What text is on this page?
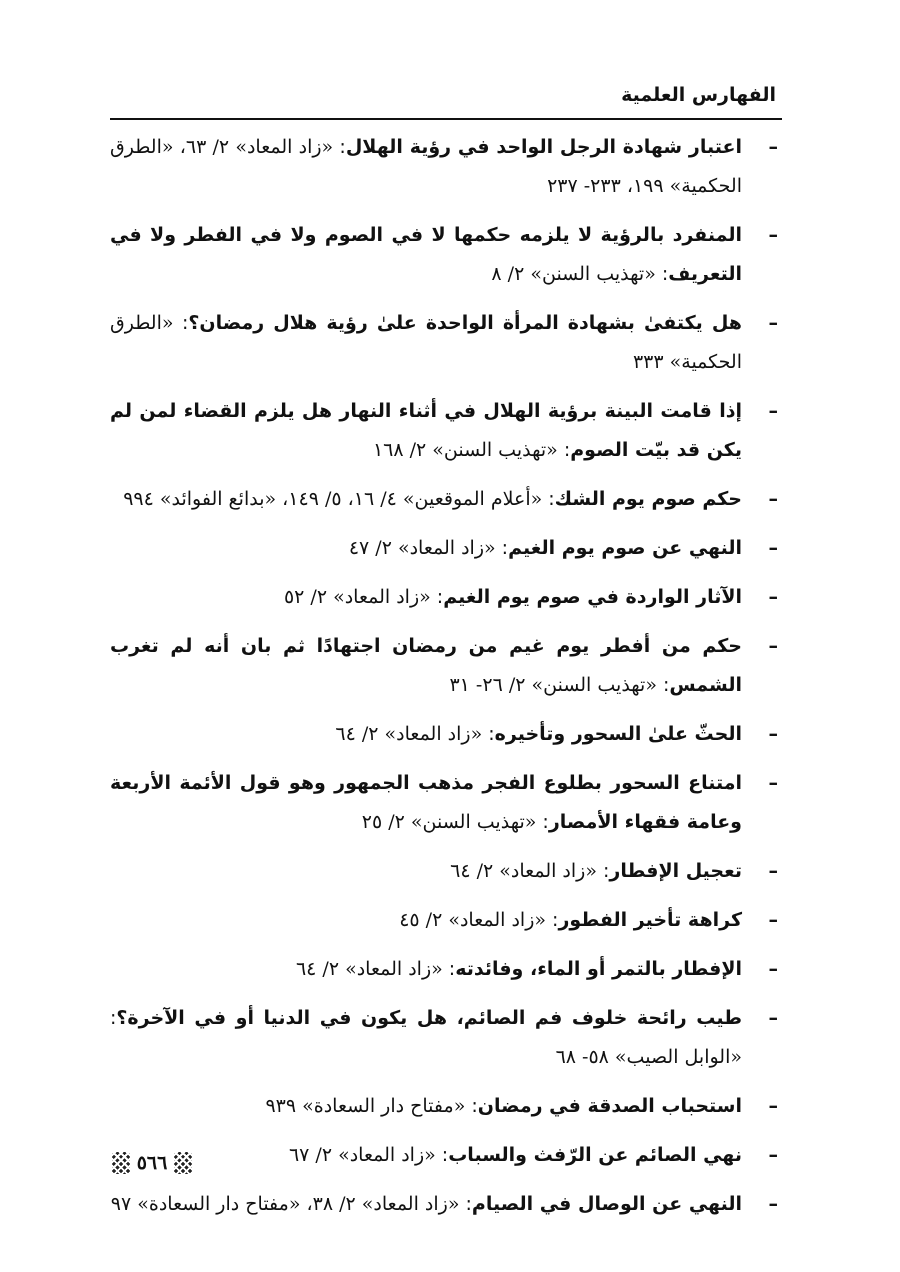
الفهارس العلمية
–
اعتبار شهادة الرجل الواحد في رؤية الهلال: «زاد المعاد» ٢/ ٦٣، «الطرق الحكمية» ١٩٩، ٢٣٣- ٢٣٧
–
المنفرد بالرؤية لا يلزمه حكمها لا في الصوم ولا في الفطر ولا في التعريف: «تهذيب السنن» ٢/ ٨
–
هل يكتفىٰ بشهادة المرأة الواحدة علىٰ رؤية هلال رمضان؟: «الطرق الحكمية» ٣٣٣
–
إذا قامت البينة برؤية الهلال في أثناء النهار هل يلزم القضاء لمن لم يكن قد بيّت الصوم: «تهذيب السنن» ٢/ ١٦٨
–
حكم صوم يوم الشك: «أعلام الموقعين» ٤/ ١٦، ٥/ ١٤٩، «بدائع الفوائد» ٩٩٤
–
النهي عن صوم يوم الغيم: «زاد المعاد» ٢/ ٤٧
–
الآثار الواردة في صوم يوم الغيم: «زاد المعاد» ٢/ ٥٢
–
حكم من أفطر يوم غيم من رمضان اجتهادًا ثم بان أنه لم تغرب الشمس: «تهذيب السنن» ٢/ ٢٦- ٣١
–
الحثّ علىٰ السحور وتأخيره: «زاد المعاد» ٢/ ٦٤
–
امتناع السحور بطلوع الفجر مذهب الجمهور وهو قول الأئمة الأربعة وعامة فقهاء الأمصار: «تهذيب السنن» ٢/ ٢٥
–
تعجيل الإفطار: «زاد المعاد» ٢/ ٦٤
–
كراهة تأخير الفطور: «زاد المعاد» ٢/ ٤٥
–
الإفطار بالتمر أو الماء، وفائدته: «زاد المعاد» ٢/ ٦٤
–
طيب رائحة خلوف فم الصائم، هل يكون في الدنيا أو في الآخرة؟: «الوابل الصيب» ٥٨- ٦٨
–
استحباب الصدقة في رمضان: «مفتاح دار السعادة» ٩٣٩
–
نهي الصائم عن الرّفث والسباب: «زاد المعاد» ٢/ ٦٧
–
النهي عن الوصال في الصيام: «زاد المعاد» ٢/ ٣٨، «مفتاح دار السعادة» ٩٧
٥٦٦
